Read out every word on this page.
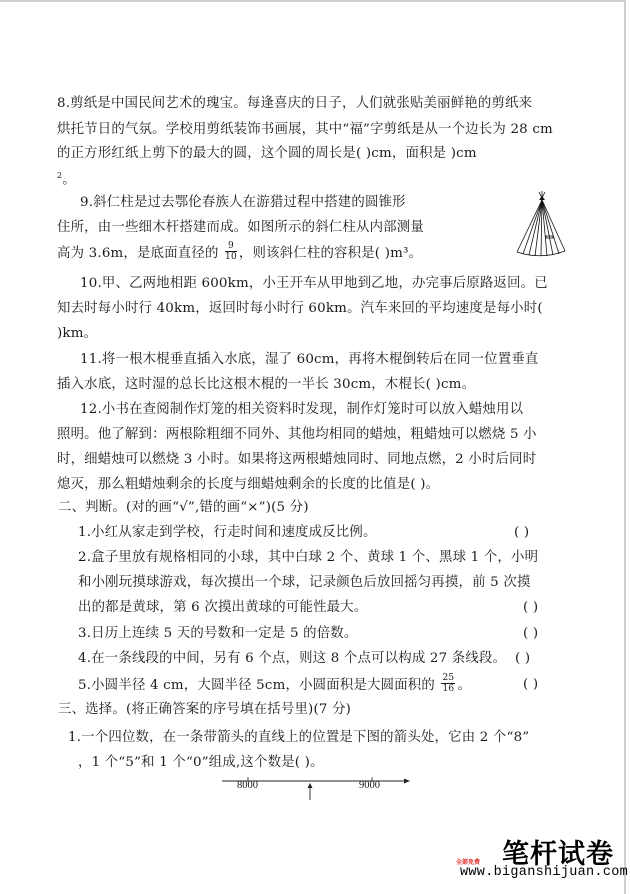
8.剪纸是中国民间艺术的瑰宝。每逢喜庆的日子，人们就张贴美丽鲜艳的剪纸来
烘托节日的气氛。学校用剪纸装饰书画展，其中“福”字剪纸是从一个边长为 28 cm
的正方形红纸上剪下的最大的圆，这个圆的周长是( )cm，面积是 )cm
$^2$。
9.斜仁柱是过去鄂伦春族人在游猎过程中搭建的圆锥形
住所，由一些细木杆搭建而成。如图所示的斜仁柱从内部测量
高为 3.6m，是底面直径的 $\frac{9}{10}$ ，则该斜仁柱的容积是( )m³。
10.甲、乙两地相距 600km，小王开车从甲地到乙地，办完事后原路返回。已
知去时每小时行 40km，返回时每小时行 60km。汽车来回的平均速度是每小时(
)km。
11.将一根木棍垂直插入水底，湿了 60cm，再将木棍倒转后在同一位置垂直
插入水底，这时湿的总长比这根木棍的一半长 30cm，木棍长( )cm。
12.小书在查阅制作灯笼的相关资料时发现，制作灯笼时可以放入蜡烛用以
照明。他了解到：两根除粗细不同外、其他均相同的蜡烛，粗蜡烛可以燃烧 5 小
时，细蜡烛可以燃烧 3 小时。如果将这两根蜡烛同时、同地点燃，2 小时后同时
熄灭，那么粗蜡烛剩余的长度与细蜡烛剩余的长度的比值是( )。
二、判断。(对的画“√”,错的画“×”)(5 分)
1.小红从家走到学校，行走时间和速度成反比例。	( )
2.盒子里放有规格相同的小球，其中白球 2 个、黄球 1 个、黑球 1 个，小明
和小刚玩摸球游戏，每次摸出一个球，记录颜色后放回摇匀再摸，前 5 次摸
出的都是黄球，第 6 次摸出黄球的可能性最大。	( )
3.日历上连续 5 天的号数和一定是 5 的倍数。	( )
4.在一条线段的中间，另有 6 个点，则这 8 个点可以构成 27 条线段。 ( )
5.小圆半径 4 cm，大圆半径 5cm，小圆面积是大圆面积的 $\frac{25}{16}$ 。	( )
三、选择。(将正确答案的序号填在括号里)(7 分)
1.一个四位数，在一条带箭头的直线上的位置是下图的箭头处，它由 2 个“8”
，1 个“5”和 1 个“0”组成,这个数是( )。
8000	9000
全部免费 笔杆试卷
www.biganshijuan.com
